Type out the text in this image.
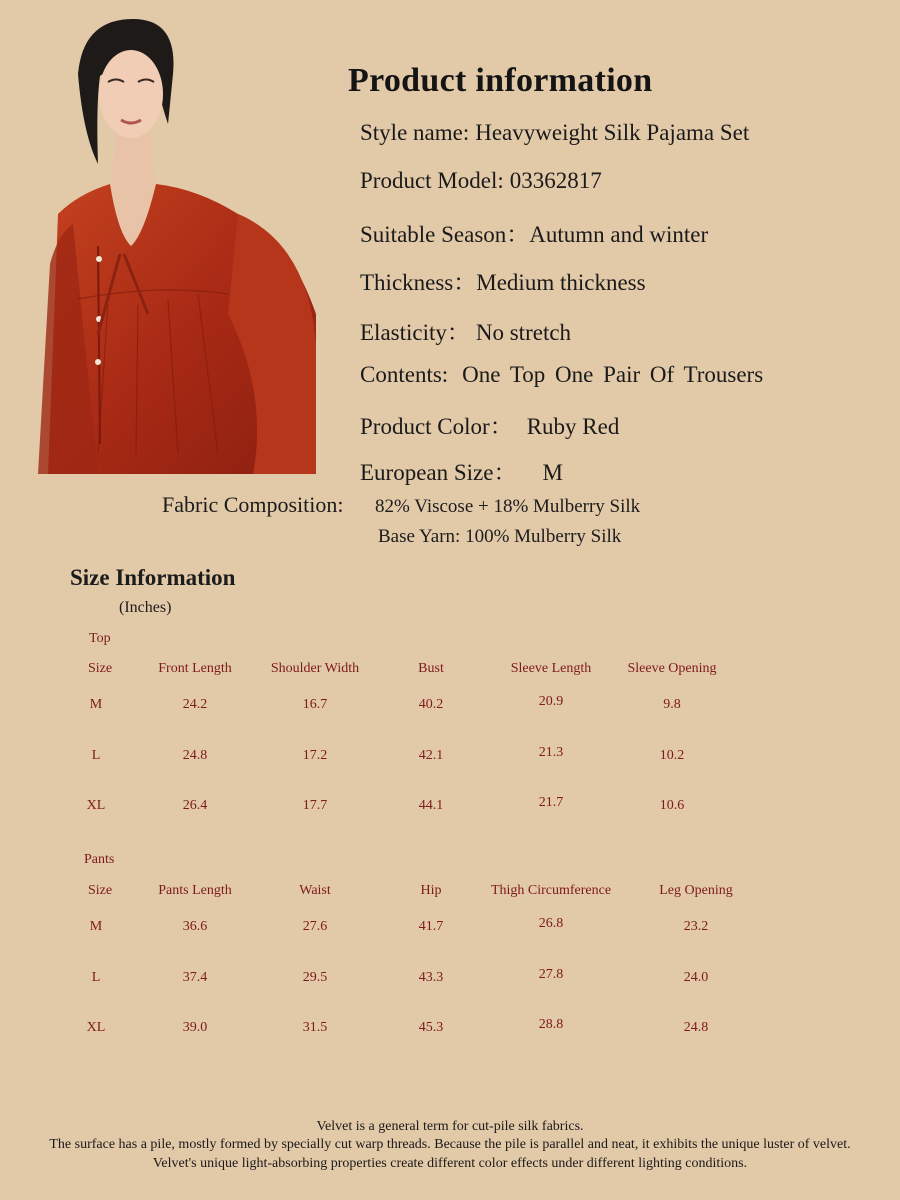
Product information
Style name: Heavyweight Silk Pajama Set
Product Model: 03362817
Suitable Season：Autumn and winter
Thickness：Medium thickness
Elasticity： No stretch
Contents: One Top One Pair Of Trousers
Product Color： Ruby Red
European Size： M
Fabric Composition: 82% Viscose + 18% Mulberry Silk
Base Yarn: 100% Mulberry Silk
Size Information
(Inches)
Top
Size	Front Length	Shoulder Width	Bust	Sleeve Length	Sleeve Opening
M	24.2	16.7	40.2	20.9	9.8
L	24.8	17.2	42.1	21.3	10.2
XL	26.4	17.7	44.1	21.7	10.6
Pants
Size	Pants Length	Waist	Hip	Thigh Circumference	Leg Opening
M	36.6	27.6	41.7	26.8	23.2
L	37.4	29.5	43.3	27.8	24.0
XL	39.0	31.5	45.3	28.8	24.8
Velvet is a general term for cut-pile silk fabrics.
The surface has a pile, mostly formed by specially cut warp threads. Because the pile is parallel and neat, it exhibits the unique luster of velvet. Velvet's unique light-absorbing properties create different color effects under different lighting conditions.
